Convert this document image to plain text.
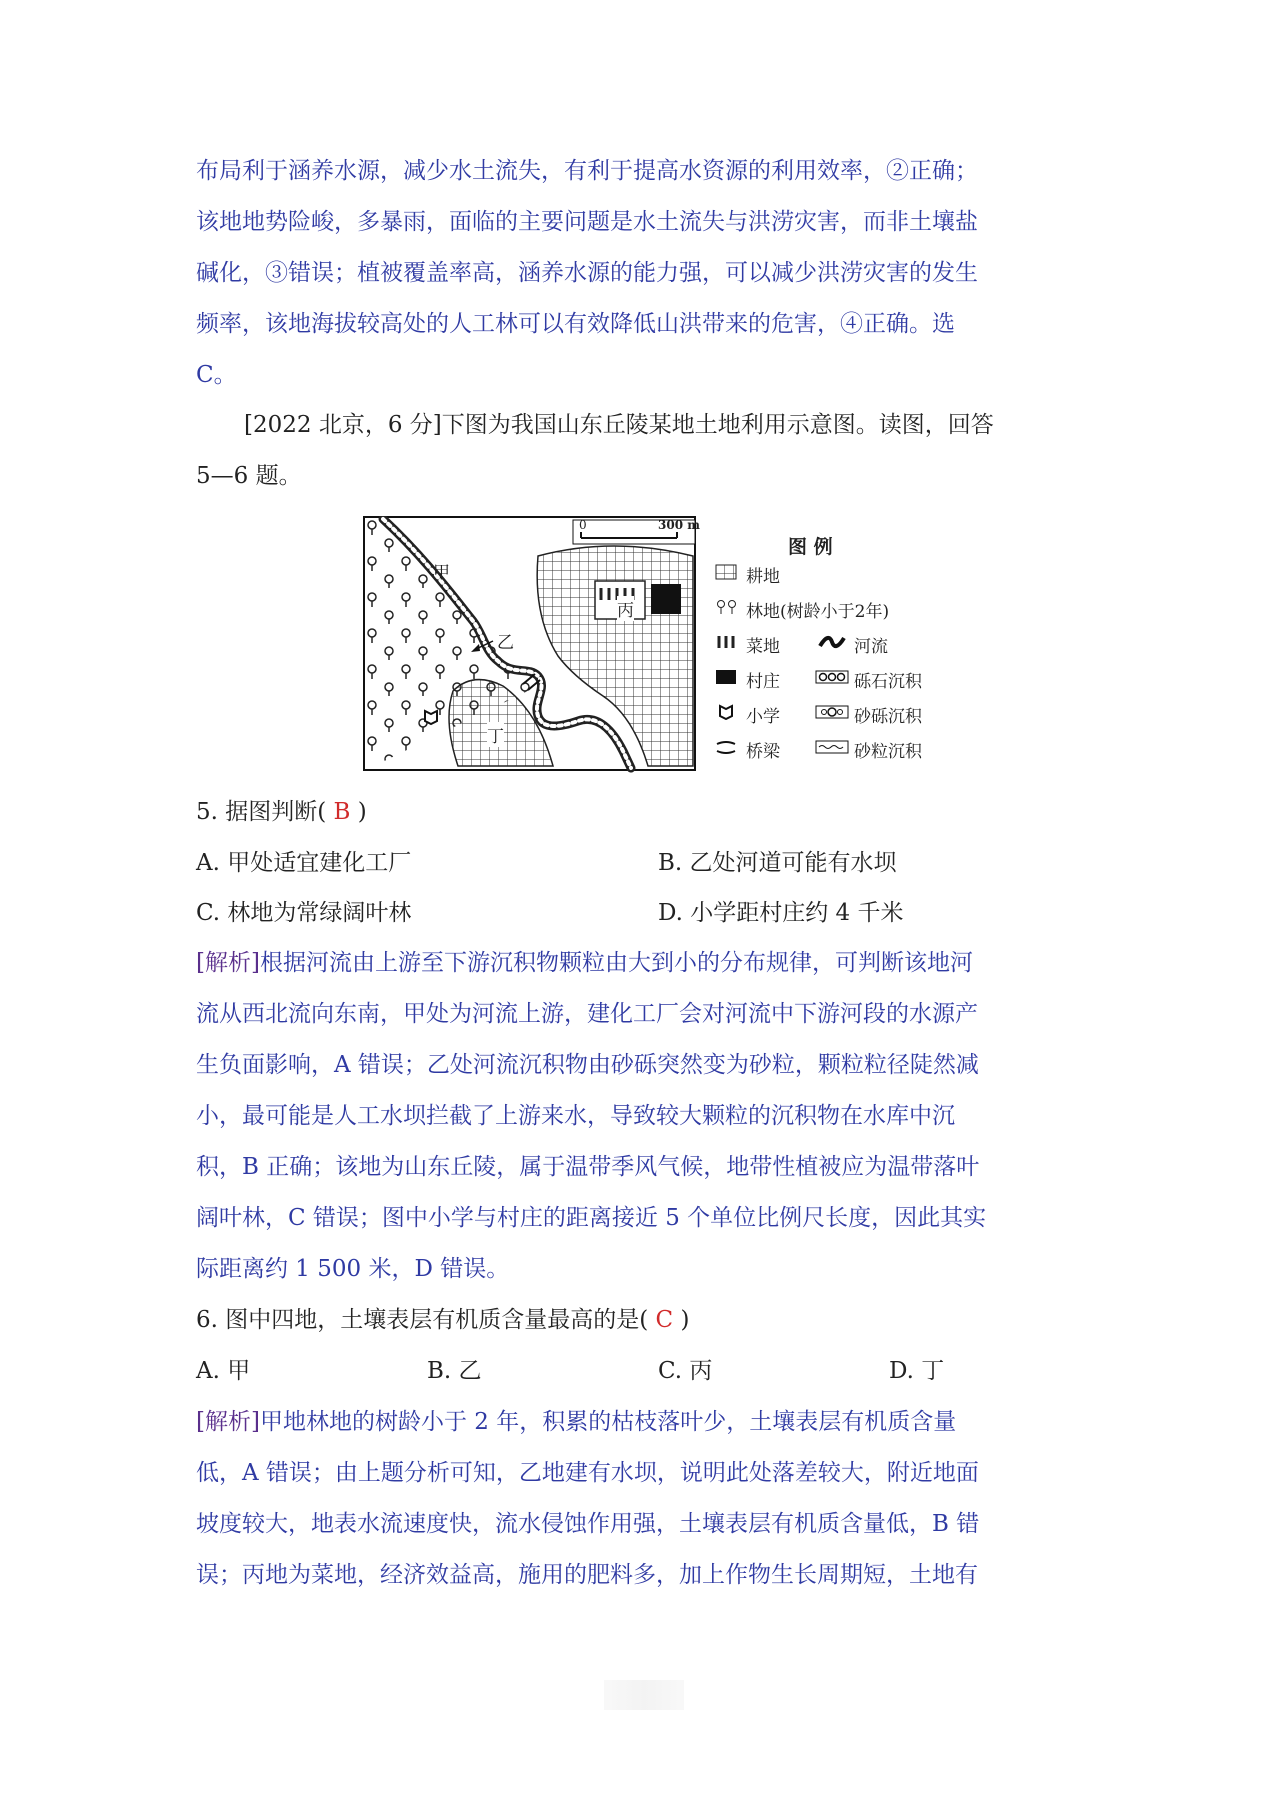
布局利于涵养水源，减少水土流失，有利于提高水资源的利用效率，②正确；
该地地势险峻，多暴雨，面临的主要问题是水土流失与洪涝灾害，而非土壤盐
碱化，③错误；植被覆盖率高，涵养水源的能力强，可以减少洪涝灾害的发生
频率，该地海拔较高处的人工林可以有效降低山洪带来的危害，④正确。选
C。
[2022 北京，6 分]下图为我国山东丘陵某地土地利用示意图。读图，回答
5—6 题。
0	300 m
甲
乙
丙
丁
图 例
耕地
林地(树龄小于2年)
菜地	河流
村庄	砾石沉积
小学	砂砾沉积
桥梁	砂粒沉积
5. 据图判断( B )
A. 甲处适宜建化工厂	B. 乙处河道可能有水坝
C. 林地为常绿阔叶林	D. 小学距村庄约 4 千米
[解析]根据河流由上游至下游沉积物颗粒由大到小的分布规律，可判断该地河
流从西北流向东南，甲处为河流上游，建化工厂会对河流中下游河段的水源产
生负面影响，A 错误；乙处河流沉积物由砂砾突然变为砂粒，颗粒粒径陡然减
小，最可能是人工水坝拦截了上游来水，导致较大颗粒的沉积物在水库中沉
积，B 正确；该地为山东丘陵，属于温带季风气候，地带性植被应为温带落叶
阔叶林，C 错误；图中小学与村庄的距离接近 5 个单位比例尺长度，因此其实
际距离约 1 500 米，D 错误。
6. 图中四地，土壤表层有机质含量最高的是( C )
A. 甲	B. 乙	C. 丙	D. 丁
[解析]甲地林地的树龄小于 2 年，积累的枯枝落叶少，土壤表层有机质含量
低，A 错误；由上题分析可知，乙地建有水坝，说明此处落差较大，附近地面
坡度较大，地表水流速度快，流水侵蚀作用强，土壤表层有机质含量低，B 错
误；丙地为菜地，经济效益高，施用的肥料多，加上作物生长周期短，土地有
